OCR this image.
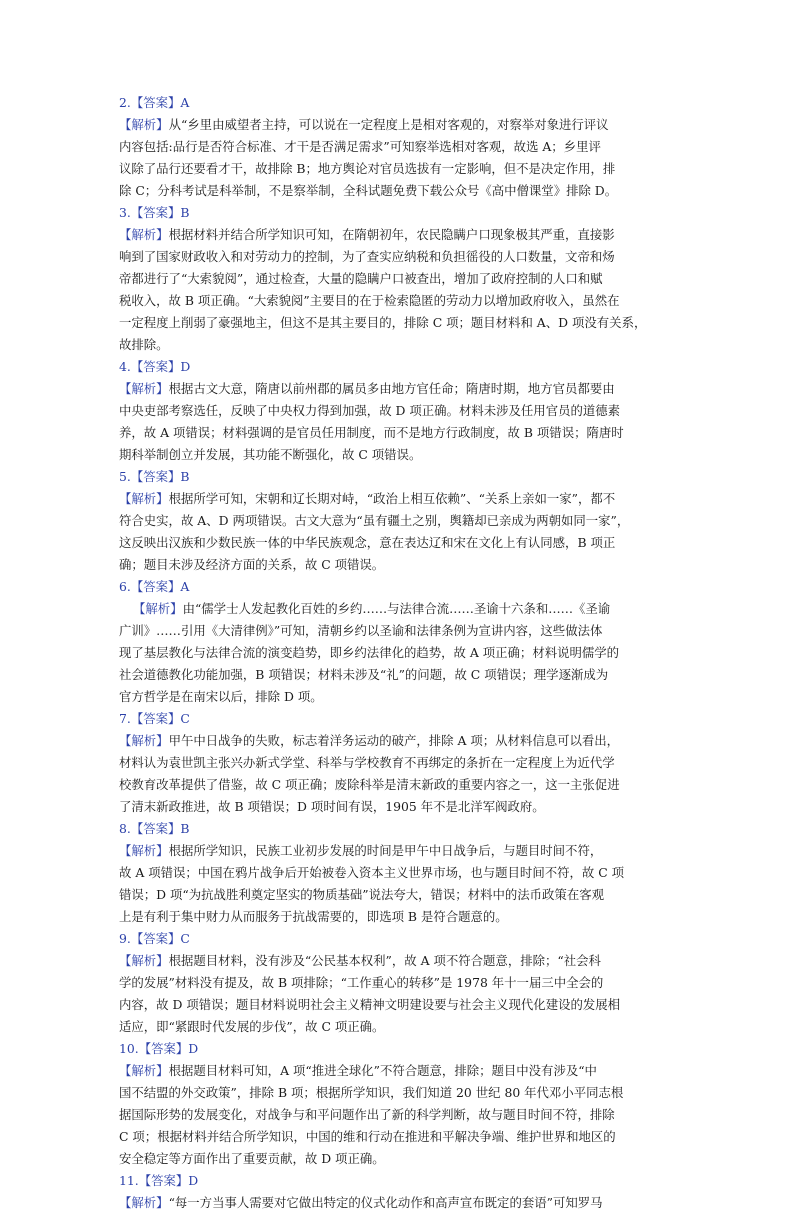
2.【答案】A
【解析】从“乡里由威望者主持，可以说在一定程度上是相对客观的，对察举对象进行评议
内容包括:品行是否符合标准、才干是否满足需求”可知察举选相对客观，故选 A；乡里评
议除了品行还要看才干，故排除 B；地方舆论对官员选拔有一定影响，但不是决定作用，排
除 C；分科考试是科举制，不是察举制，全科试题免费下载公众号《高中僧课堂》排除 D。
3.【答案】B
【解析】根据材料并结合所学知识可知，在隋朝初年，农民隐瞒户口现象极其严重，直接影
响到了国家财政收入和对劳动力的控制，为了查实应纳税和负担徭役的人口数量，文帝和炀
帝都进行了“大索貌阅”，通过检查，大量的隐瞒户口被查出，增加了政府控制的人口和赋
税收入，故 B 项正确。“大索貌阅”主要目的在于检索隐匿的劳动力以增加政府收入，虽然在
一定程度上削弱了豪强地主，但这不是其主要目的，排除 C 项；题目材料和 A、D 项没有关系，
故排除。
4.【答案】D
【解析】根据古文大意，隋唐以前州郡的属员多由地方官任命；隋唐时期，地方官员都要由
中央吏部考察选任，反映了中央权力得到加强，故 D 项正确。材料未涉及任用官员的道德素
养，故 A 项错误；材料强调的是官员任用制度，而不是地方行政制度，故 B 项错误；隋唐时
期科举制创立并发展，其功能不断强化，故 C 项错误。
5.【答案】B
【解析】根据所学可知，宋朝和辽长期对峙，“政治上相互依赖”、“关系上亲如一家”，都不
符合史实，故 A、D 两项错误。古文大意为“虽有疆土之别，舆籍却已亲成为两朝如同一家”，
这反映出汉族和少数民族一体的中华民族观念，意在表达辽和宋在文化上有认同感，B 项正
确；题目未涉及经济方面的关系，故 C 项错误。
6.【答案】A
【解析】由“儒学士人发起教化百姓的乡约……与法律合流……圣谕十六条和……《圣谕
广训》……引用《大清律例》”可知，清朝乡约以圣谕和法律条例为宣讲内容，这些做法体
现了基层教化与法律合流的演变趋势，即乡约法律化的趋势，故 A 项正确；材料说明儒学的
社会道德教化功能加强，B 项错误；材料未涉及“礼”的问题，故 C 项错误；理学逐渐成为
官方哲学是在南宋以后，排除 D 项。
7.【答案】C
【解析】甲午中日战争的失败，标志着洋务运动的破产，排除 A 项；从材料信息可以看出，
材料认为袁世凯主张兴办新式学堂、科举与学校教育不再绑定的条折在一定程度上为近代学
校教育改革提供了借鉴，故 C 项正确；废除科举是清末新政的重要内容之一，这一主张促进
了清末新政推进，故 B 项错误；D 项时间有误，1905 年不是北洋军阀政府。
8.【答案】B
【解析】根据所学知识，民族工业初步发展的时间是甲午中日战争后，与题目时间不符，
故 A 项错误；中国在鸦片战争后开始被卷入资本主义世界市场，也与题目时间不符，故 C 项
错误；D 项“为抗战胜利奠定坚实的物质基础”说法夸大，错误；材料中的法币政策在客观
上是有利于集中财力从而服务于抗战需要的，即选项 B 是符合题意的。
9.【答案】C
【解析】根据题目材料，没有涉及“公民基本权利”，故 A 项不符合题意，排除；“社会科
学的发展”材料没有提及，故 B 项排除；“工作重心的转移”是 1978 年十一届三中全会的
内容，故 D 项错误；题目材料说明社会主义精神文明建设要与社会主义现代化建设的发展相
适应，即“紧跟时代发展的步伐”，故 C 项正确。
10.【答案】D
【解析】根据题目材料可知，A 项“推进全球化”不符合题意，排除；题目中没有涉及“中
国不结盟的外交政策”，排除 B 项；根据所学知识，我们知道 20 世纪 80 年代邓小平同志根
据国际形势的发展变化，对战争与和平问题作出了新的科学判断，故与题目时间不符，排除
C 项；根据材料并结合所学知识，中国的维和行动在推进和平解决争端、维护世界和地区的
安全稳定等方面作出了重要贡献，故 D 项正确。
11.【答案】D
【解析】“每一方当事人需要对它做出特定的仪式化动作和高声宣布既定的套语”可知罗马
